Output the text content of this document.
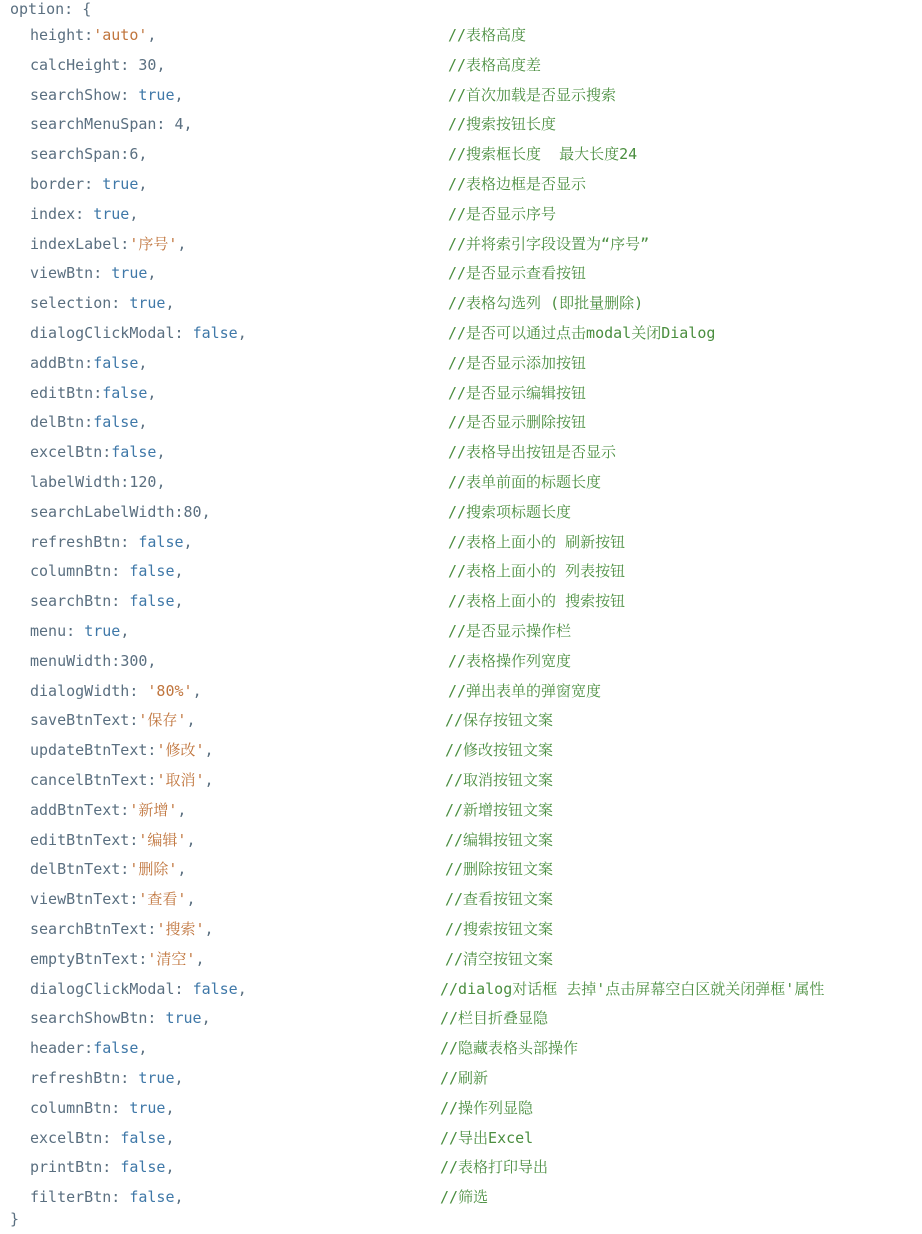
option: {
height:'auto',	//表格高度
calcHeight: 30,	//表格高度差
searchShow: true,	//首次加载是否显示搜索
searchMenuSpan: 4,	//搜索按钮长度
searchSpan:6,	//搜索框长度  最大长度24
border: true,	//表格边框是否显示
index: true,	//是否显示序号
indexLabel:'序号',	//并将索引字段设置为“序号”
viewBtn: true,	//是否显示查看按钮
selection: true,	//表格勾选列 (即批量删除)
dialogClickModal: false,	//是否可以通过点击modal关闭Dialog
addBtn:false,	//是否显示添加按钮
editBtn:false,	//是否显示编辑按钮
delBtn:false,	//是否显示删除按钮
excelBtn:false,	//表格导出按钮是否显示
labelWidth:120,	//表单前面的标题长度
searchLabelWidth:80,	//搜索项标题长度
refreshBtn: false,	//表格上面小的 刷新按钮
columnBtn: false,	//表格上面小的 列表按钮
searchBtn: false,	//表格上面小的 搜索按钮
menu: true,	//是否显示操作栏
menuWidth:300,	//表格操作列宽度
dialogWidth: '80%',	//弹出表单的弹窗宽度
saveBtnText:'保存',	//保存按钮文案
updateBtnText:'修改',	//修改按钮文案
cancelBtnText:'取消',	//取消按钮文案
addBtnText:'新增',	//新增按钮文案
editBtnText:'编辑',	//编辑按钮文案
delBtnText:'删除',	//删除按钮文案
viewBtnText:'查看',	//查看按钮文案
searchBtnText:'搜索',	//搜索按钮文案
emptyBtnText:'清空',	//清空按钮文案
dialogClickModal: false,	//dialog对话框 去掉'点击屏幕空白区就关闭弹框'属性
searchShowBtn: true,	//栏目折叠显隐
header:false,	//隐藏表格头部操作
refreshBtn: true,	//刷新
columnBtn: true,	//操作列显隐
excelBtn: false,	//导出Excel
printBtn: false,	//表格打印导出
filterBtn: false,	//筛选
}
